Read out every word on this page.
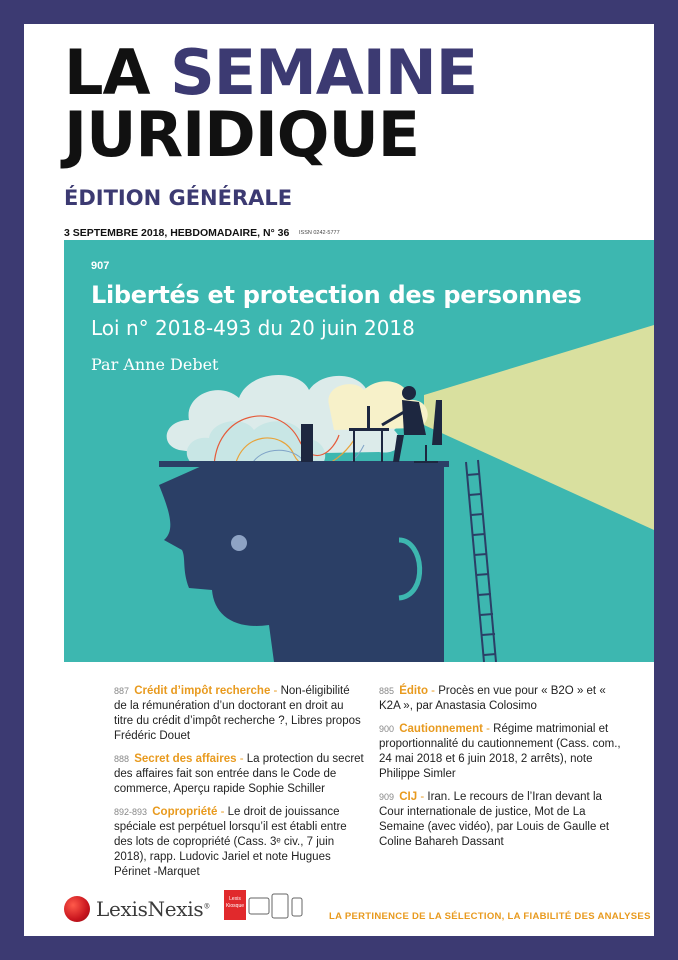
LA SEMAINE
JURIDIQUE
ÉDITION GÉNÉRALE
3 SEPTEMBRE 2018, HEBDOMADAIRE, N° 36 ISSN 0242-5777
907
Libertés et protection des personnes
Loi n° 2018-493 du 20 juin 2018
Par Anne Debet
887 Crédit d’impôt recherche - Non-éligibilité de la rémunération d’un doctorant en droit au titre du crédit d’impôt recherche ?, Libres propos Frédéric Douet
888 Secret des affaires - La protection du secret des affaires fait son entrée dans le Code de commerce, Aperçu rapide Sophie Schiller
892-893 Copropriété - Le droit de jouissance spéciale est perpétuel lorsqu’il est établi entre des lots de copropriété (Cass. 3ᵉ civ., 7 juin 2018), rapp. Ludovic Jariel et note Hugues Périnet -Marquet
885 Édito - Procès en vue pour « B2O » et « K2A », par Anastasia Colosimo
900 Cautionnement - Régime matrimonial et proportionnalité du cautionnement (Cass. com., 24 mai 2018 et 6 juin 2018, 2 arrêts), note Philippe Simler
909 CIJ - Iran. Le recours de l’Iran devant la Cour internationale de justice, Mot de La Semaine (avec vidéo), par Louis de Gaulle et Coline Bahareh Dassant
LexisNexis®
Lexis Kiosque
LA PERTINENCE DE LA SÉLECTION, LA FIABILITÉ DES ANALYSES
